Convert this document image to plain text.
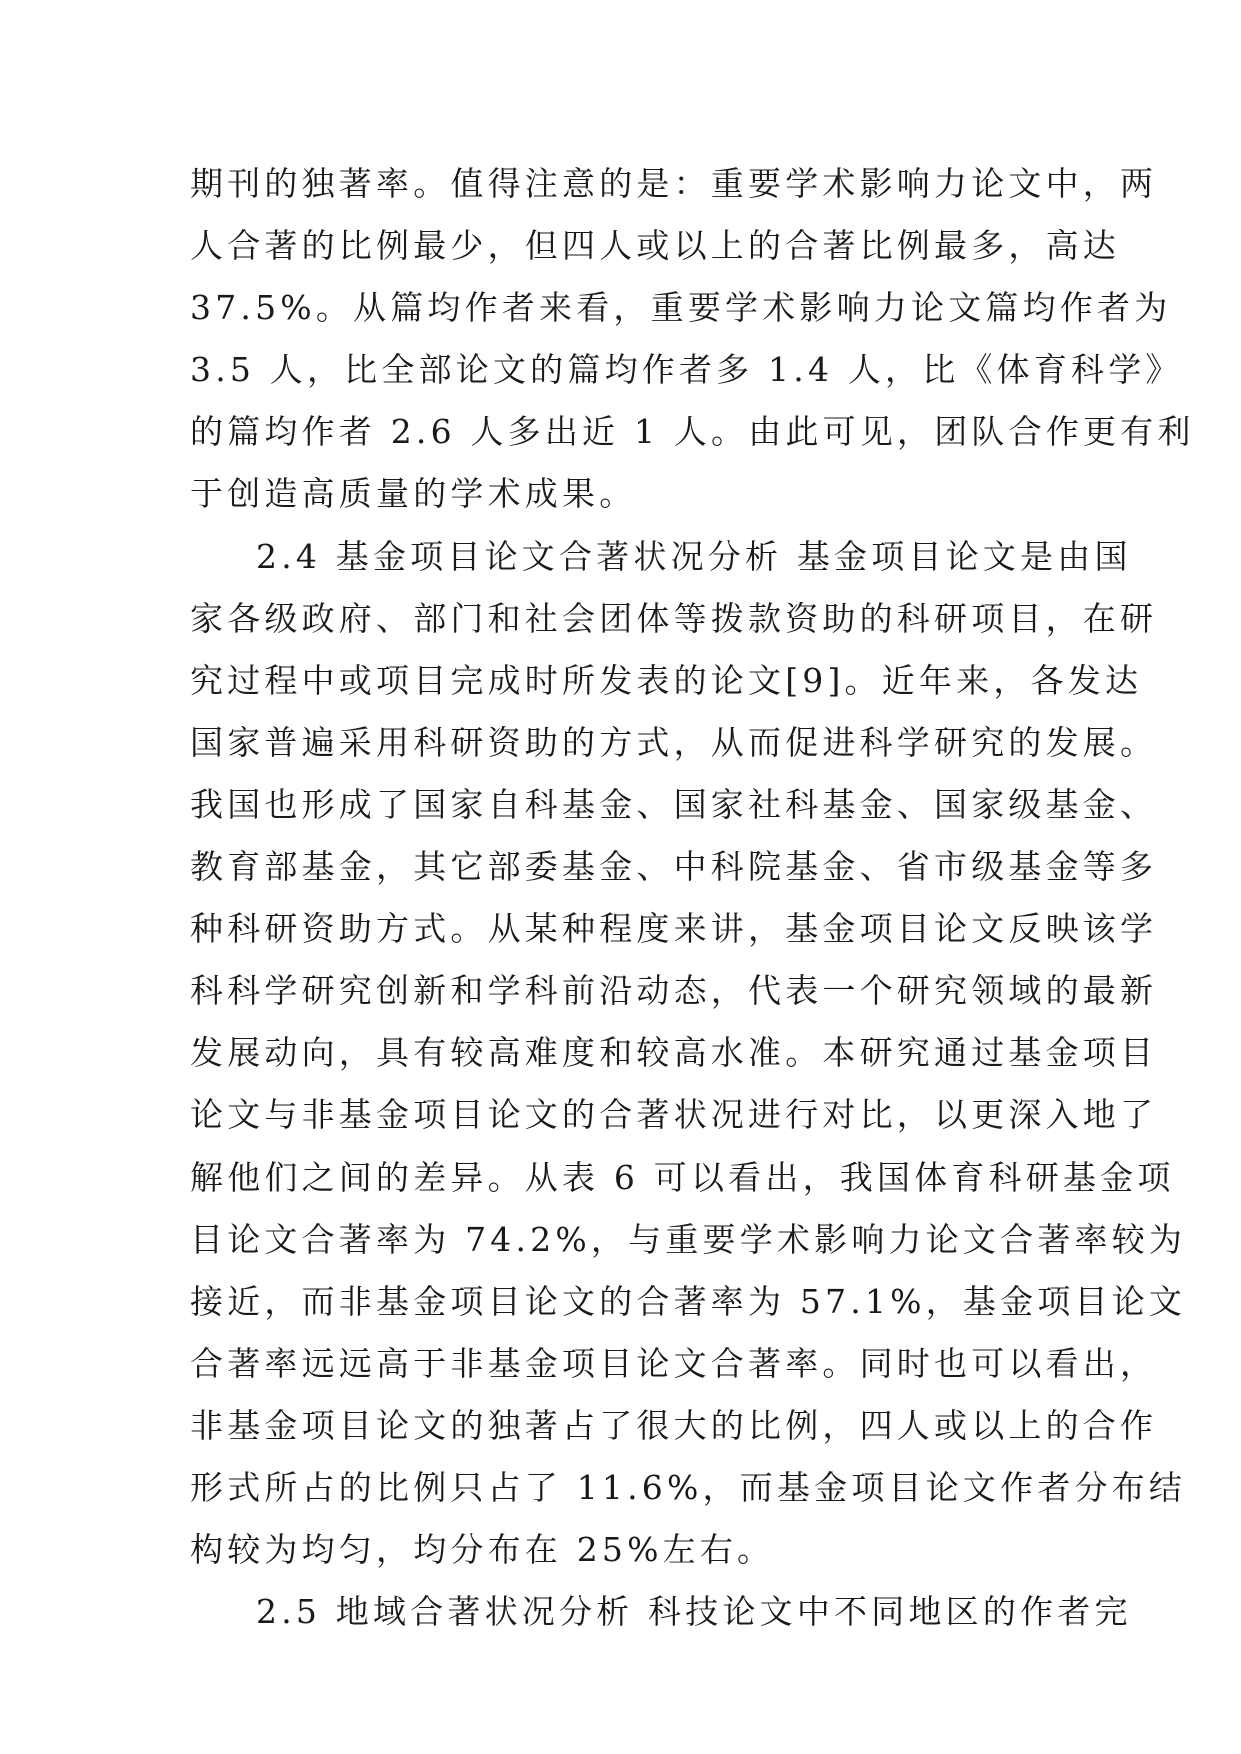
期刊的独著率。值得注意的是：重要学术影响力论文中，两
人合著的比例最少，但四人或以上的合著比例最多，高达
37.5%。从篇均作者来看，重要学术影响力论文篇均作者为
3.5 人，比全部论文的篇均作者多 1.4 人，比《体育科学》
的篇均作者 2.6 人多出近 1 人。由此可见，团队合作更有利
于创造高质量的学术成果。
2.4 基金项目论文合著状况分析 基金项目论文是由国
家各级政府、部门和社会团体等拨款资助的科研项目，在研
究过程中或项目完成时所发表的论文[9]。近年来，各发达
国家普遍采用科研资助的方式，从而促进科学研究的发展。
我国也形成了国家自科基金、国家社科基金、国家级基金、
教育部基金，其它部委基金、中科院基金、省市级基金等多
种科研资助方式。从某种程度来讲，基金项目论文反映该学
科科学研究创新和学科前沿动态，代表一个研究领域的最新
发展动向，具有较高难度和较高水准。本研究通过基金项目
论文与非基金项目论文的合著状况进行对比，以更深入地了
解他们之间的差异。从表 6 可以看出，我国体育科研基金项
目论文合著率为 74.2%，与重要学术影响力论文合著率较为
接近，而非基金项目论文的合著率为 57.1%，基金项目论文
合著率远远高于非基金项目论文合著率。同时也可以看出，
非基金项目论文的独著占了很大的比例，四人或以上的合作
形式所占的比例只占了 11.6%，而基金项目论文作者分布结
构较为均匀，均分布在 25%左右。
2.5 地域合著状况分析 科技论文中不同地区的作者完
